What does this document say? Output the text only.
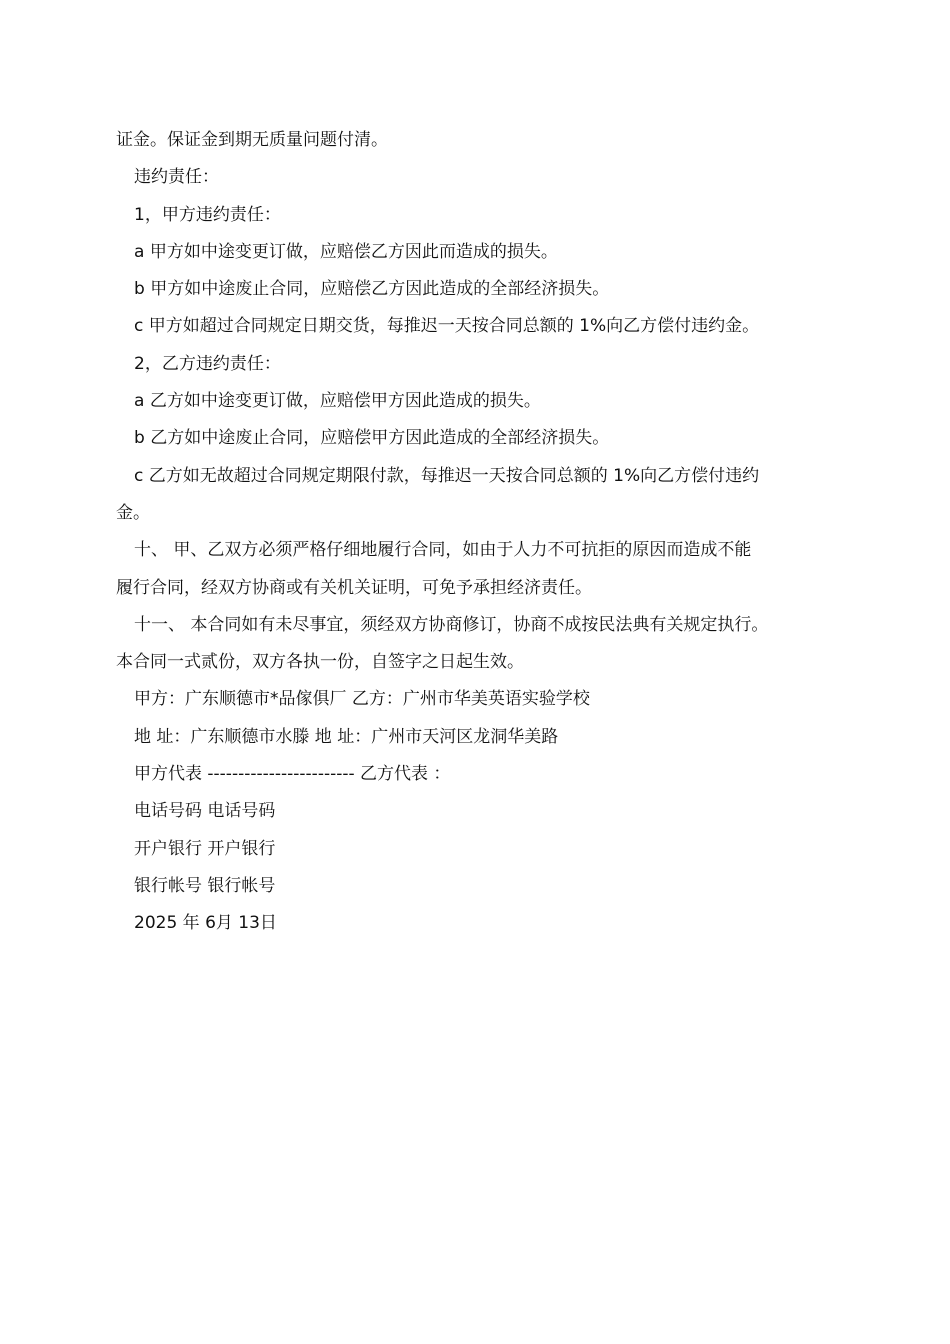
证金。保证金到期无质量问题付清。
违约责任：
1，甲方违约责任：
a 甲方如中途变更订做，应赔偿乙方因此而造成的损失。
b 甲方如中途废止合同，应赔偿乙方因此造成的全部经济损失。
c 甲方如超过合同规定日期交货，每推迟一天按合同总额的 1%向乙方偿付违约金。
2，乙方违约责任：
a 乙方如中途变更订做，应赔偿甲方因此造成的损失。
b 乙方如中途废止合同，应赔偿甲方因此造成的全部经济损失。
c 乙方如无故超过合同规定期限付款，每推迟一天按合同总额的 1%向乙方偿付违约
金。
十、 甲、乙双方必须严格仔细地履行合同，如由于人力不可抗拒的原因而造成不能
履行合同，经双方协商或有关机关证明，可免予承担经济责任。
十一、 本合同如有未尽事宜，须经双方协商修订，协商不成按民法典有关规定执行。
本合同一式贰份，双方各执一份，自签字之日起生效。
甲方：广东顺德市*品傢俱厂 乙方：广州市华美英语实验学校
地 址：广东顺德市水滕 地 址：广州市天河区龙洞华美路
甲方代表 ------------------------ 乙方代表 ：
电话号码 电话号码
开户银行 开户银行
银行帐号 银行帐号
2025 年 6月 13日
